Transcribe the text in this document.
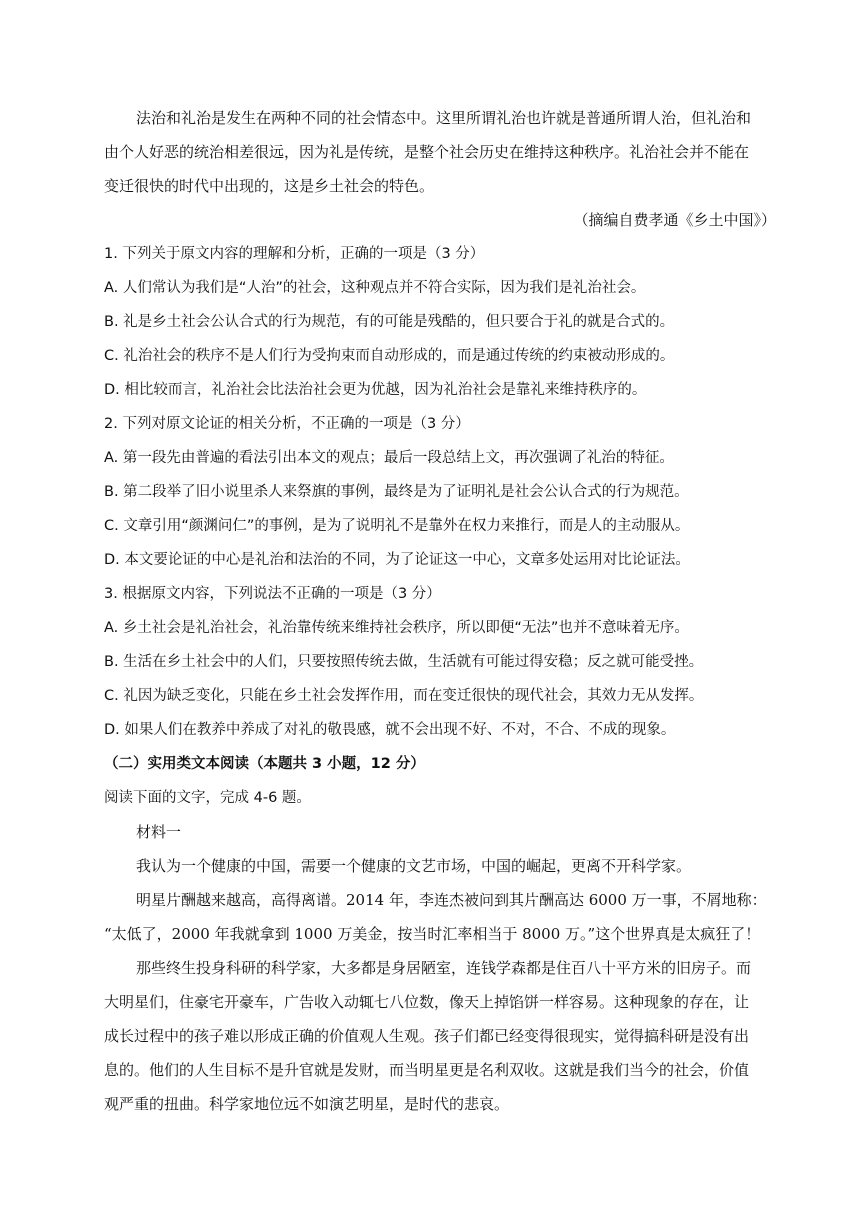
法治和礼治是发生在两种不同的社会情态中。这里所谓礼治也许就是普通所谓人治，但礼治和
由个人好恶的统治相差很远，因为礼是传统，是整个社会历史在维持这种秩序。礼治社会并不能在
变迁很快的时代中出现的，这是乡土社会的特色。
（摘编自费孝通《乡土中国》）
1. 下列关于原文内容的理解和分析，正确的一项是（3 分）
A. 人们常认为我们是“人治”的社会，这种观点并不符合实际，因为我们是礼治社会。
B. 礼是乡土社会公认合式的行为规范，有的可能是残酷的，但只要合于礼的就是合式的。
C. 礼治社会的秩序不是人们行为受拘束而自动形成的，而是通过传统的约束被动形成的。
D. 相比较而言，礼治社会比法治社会更为优越，因为礼治社会是靠礼来维持秩序的。
2. 下列对原文论证的相关分析，不正确的一项是（3 分）
A. 第一段先由普遍的看法引出本文的观点；最后一段总结上文，再次强调了礼治的特征。
B. 第二段举了旧小说里杀人来祭旗的事例，最终是为了证明礼是社会公认合式的行为规范。
C. 文章引用“颜渊问仁”的事例，是为了说明礼不是靠外在权力来推行，而是人的主动服从。
D. 本文要论证的中心是礼治和法治的不同，为了论证这一中心，文章多处运用对比论证法。
3. 根据原文内容，下列说法不正确的一项是（3 分）
A. 乡土社会是礼治社会，礼治靠传统来维持社会秩序，所以即便“无法”也并不意味着无序。
B. 生活在乡土社会中的人们，只要按照传统去做，生活就有可能过得安稳；反之就可能受挫。
C. 礼因为缺乏变化，只能在乡土社会发挥作用，而在变迁很快的现代社会，其效力无从发挥。
D. 如果人们在教养中养成了对礼的敬畏感，就不会出现不好、不对，不合、不成的现象。
（二）实用类文本阅读（本题共 3 小题，12 分）
阅读下面的文字，完成 4-6 题。
材料一
我认为一个健康的中国，需要一个健康的文艺市场，中国的崛起，更离不开科学家。
明星片酬越来越高，高得离谱。2014 年，李连杰被问到其片酬高达 6000 万一事，不屑地称：
“太低了，2000 年我就拿到 1000 万美金，按当时汇率相当于 8000 万。”这个世界真是太疯狂了！
那些终生投身科研的科学家，大多都是身居陋室，连钱学森都是住百八十平方米的旧房子。而
大明星们，住豪宅开豪车，广告收入动辄七八位数，像天上掉馅饼一样容易。这种现象的存在，让
成长过程中的孩子难以形成正确的价值观人生观。孩子们都已经变得很现实，觉得搞科研是没有出
息的。他们的人生目标不是升官就是发财，而当明星更是名利双收。这就是我们当今的社会，价值
观严重的扭曲。科学家地位远不如演艺明星，是时代的悲哀。
